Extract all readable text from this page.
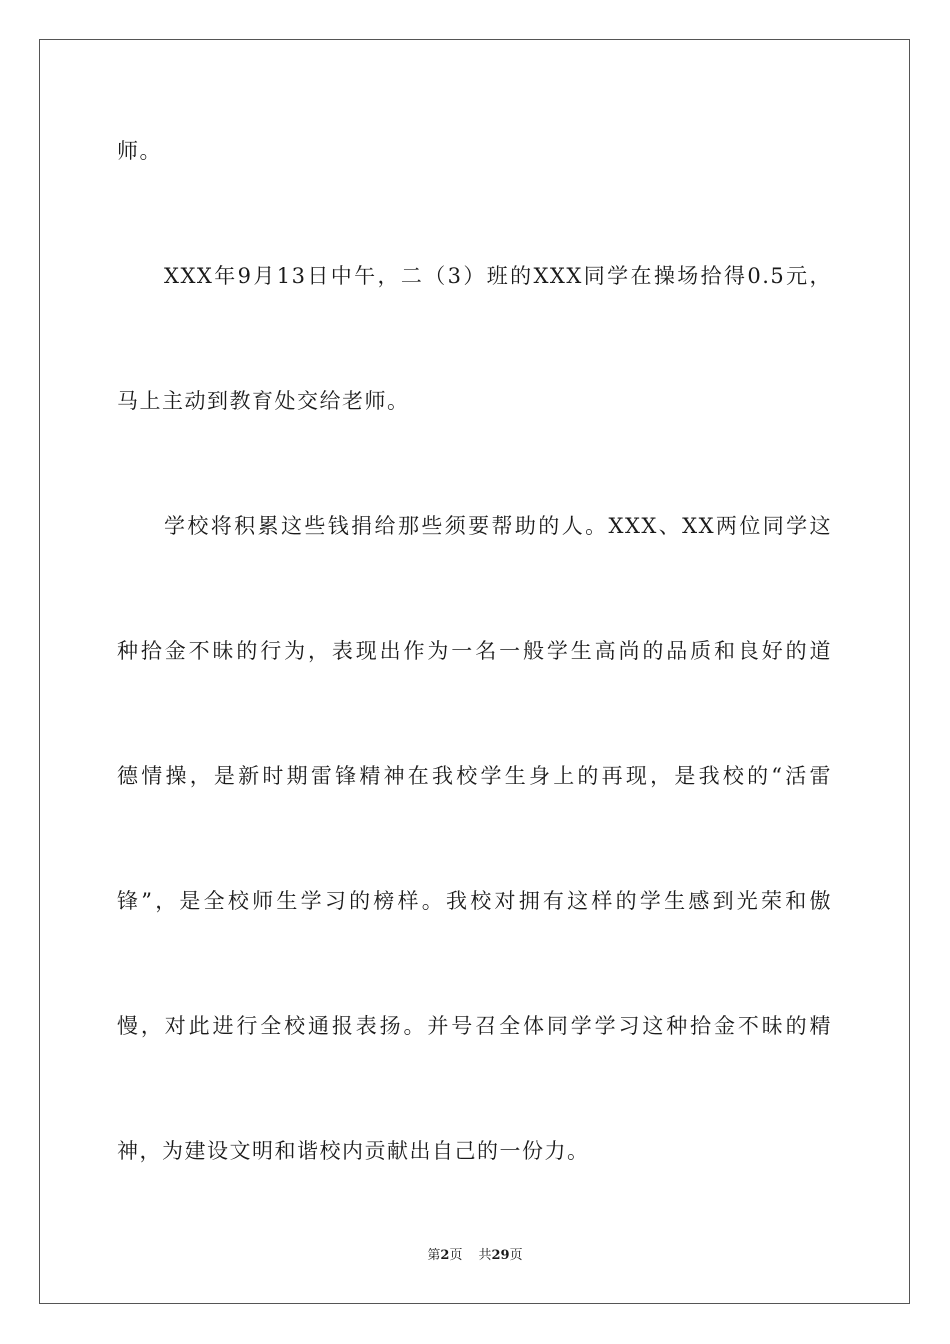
师。
XXX年9月13日中午，二（3）班的XXX同学在操场拾得0.5元，
马上主动到教育处交给老师。
学校将积累这些钱捐给那些须要帮助的人。XXX、XX两位同学这
种拾金不昧的行为，表现出作为一名一般学生高尚的品质和良好的道
德情操，是新时期雷锋精神在我校学生身上的再现，是我校的“活雷
锋”，是全校师生学习的榜样。我校对拥有这样的学生感到光荣和傲
慢，对此进行全校通报表扬。并号召全体同学学习这种拾金不昧的精
神，为建设文明和谐校内贡献出自己的一份力。
第2页 共29页
